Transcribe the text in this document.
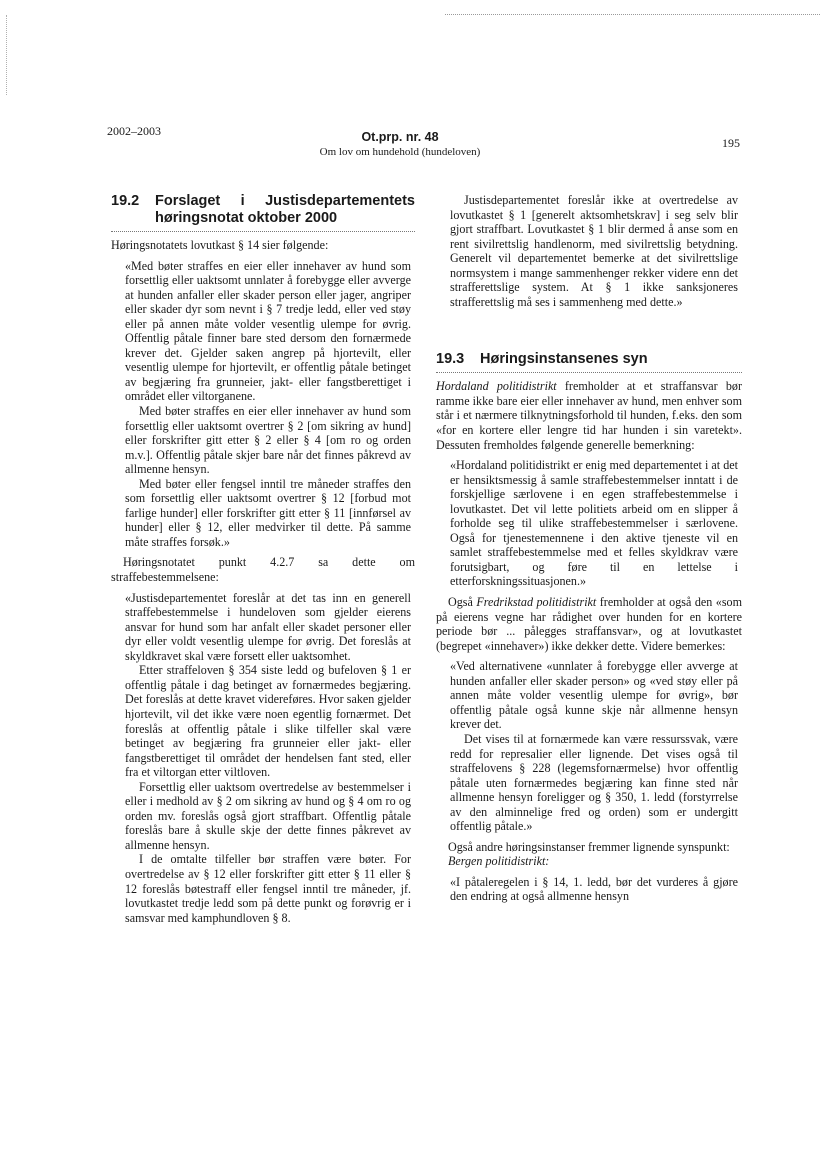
2002–2003	Ot.prp. nr. 48
Om lov om hundehold (hundeloven)
195
19.2	Forslaget i Justisdepartementets høringsnotat oktober 2000

Høringsnotatets lovutkast § 14 sier følgende:

«Med bøter straffes en eier eller innehaver av hund som forsettlig eller uaktsomt unnlater å forebygge eller avverge at hunden anfaller eller skader person eller jager, angriper eller skader dyr som nevnt i § 7 tredje ledd, eller ved støy eller på annen måte volder vesentlig ulempe for øvrig. Offentlig påtale finner bare sted dersom den fornærmede krever det. Gjelder saken angrep på hjortevilt, eller vesentlig ulempe for hjortevilt, er offentlig påtale betinget av begjæring fra grunneier, jakt- eller fangstberettiget i området eller viltorganene.

Med bøter straffes en eier eller innehaver av hund som forsettlig eller uaktsomt overtrer § 2 [om sikring av hund] eller forskrifter gitt etter § 2 eller § 4 [om ro og orden m.v.]. Offentlig påtale skjer bare når det finnes påkrevd av allmenne hensyn.

Med bøter eller fengsel inntil tre måneder straffes den som forsettlig eller uaktsomt overtrer § 12 [forbud mot farlige hunder] eller forskrifter gitt etter § 11 [innførsel av hunder] eller § 12, eller medvirker til dette. På samme måte straffes forsøk.»

Høringsnotatet punkt 4.2.7 sa dette om straffebestemmelsene:

«Justisdepartementet foreslår at det tas inn en generell straffebestemmelse i hundeloven som gjelder eierens ansvar for hund som har anfalt eller skadet personer eller dyr eller voldt vesentlig ulempe for øvrig. Det foreslås at skyldkravet skal være forsett eller uaktsomhet.

Etter straffeloven § 354 siste ledd og bufeloven § 1 er offentlig påtale i dag betinget av fornærmedes begjæring. Det foreslås at dette kravet videreføres. Hvor saken gjelder hjortevilt, vil det ikke være noen egentlig fornærmet. Det foreslås at offentlig påtale i slike tilfeller skal være betinget av begjæring fra grunneier eller jakt- eller fangstberettiget til området der hendelsen fant sted, eller fra et viltorgan etter viltloven.

Forsettlig eller uaktsom overtredelse av bestemmelser i eller i medhold av § 2 om sikring av hund og § 4 om ro og orden mv. foreslås også gjort straffbart. Offentlig påtale foreslås bare å skulle skje der dette finnes påkrevet av allmenne hensyn.

I de omtalte tilfeller bør straffen være bøter. For overtredelse av § 12 eller forskrifter gitt etter § 11 eller § 12 foreslås bøtestraff eller fengsel inntil tre måneder, jf. lovutkastet tredje ledd som på dette punkt og forøvrig er i samsvar med kamphundloven § 8.

Justisdepartementet foreslår ikke at overtredelse av lovutkastet § 1 [generelt aktsomhetskrav] i seg selv blir gjort straffbart. Lovutkastet § 1 blir dermed å anse som en rent sivilrettslig handlenorm, med sivilrettslig betydning. Generelt vil departementet bemerke at det sivilrettslige normsystem i mange sammenhenger rekker videre enn det strafferettslige system. At § 1 ikke sanksjoneres strafferettslig må ses i sammenheng med dette.»

19.3	Høringsinstansenes syn

Hordaland politidistrikt fremholder at et straffansvar bør ramme ikke bare eier eller innehaver av hund, men enhver som står i et nærmere tilknytningsforhold til hunden, f.eks. den som «for en kortere eller lengre tid har hunden i sin varetekt». Dessuten fremholdes følgende generelle bemerkning:

«Hordaland politidistrikt er enig med departementet i at det er hensiktsmessig å samle straffebestemmelser inntatt i de forskjellige særlovene i en egen straffebestemmelse i lovutkastet. Det vil lette politiets arbeid om en slipper å forholde seg til ulike straffebestemmelser i særlovene. Også for tjenestemennene i den aktive tjeneste vil en samlet straffebestemmelse med et felles skyldkrav være forutsigbart, og føre til en lettelse i etterforskningssituasjonen.»

Også Fredrikstad politidistrikt fremholder at også den «som på eierens vegne har rådighet over hunden for en kortere periode bør ... pålegges straffansvar», og at lovutkastet (begrepet «innehaver») ikke dekker dette. Videre bemerkes:

«Ved alternativene «unnlater å forebygge eller avverge at hunden anfaller eller skader person» og «ved støy eller på annen måte volder vesentlig ulempe for øvrig», bør offentlig påtale også kunne skje når allmenne hensyn krever det.

Det vises til at fornærmede kan være ressurssvak, være redd for represalier eller lignende. Det vises også til straffelovens § 228 (legemsfornærmelse) hvor offentlig påtale uten fornærmedes begjæring kan finne sted når allmenne hensyn foreligger og § 350, 1. ledd (forstyrrelse av den alminnelige fred og orden) som er undergitt offentlig påtale.»

Også andre høringsinstanser fremmer lignende synspunkt:

Bergen politidistrikt:

«I påtaleregelen i § 14, 1. ledd, bør det vurderes å gjøre den endring at også allmenne hensyn
